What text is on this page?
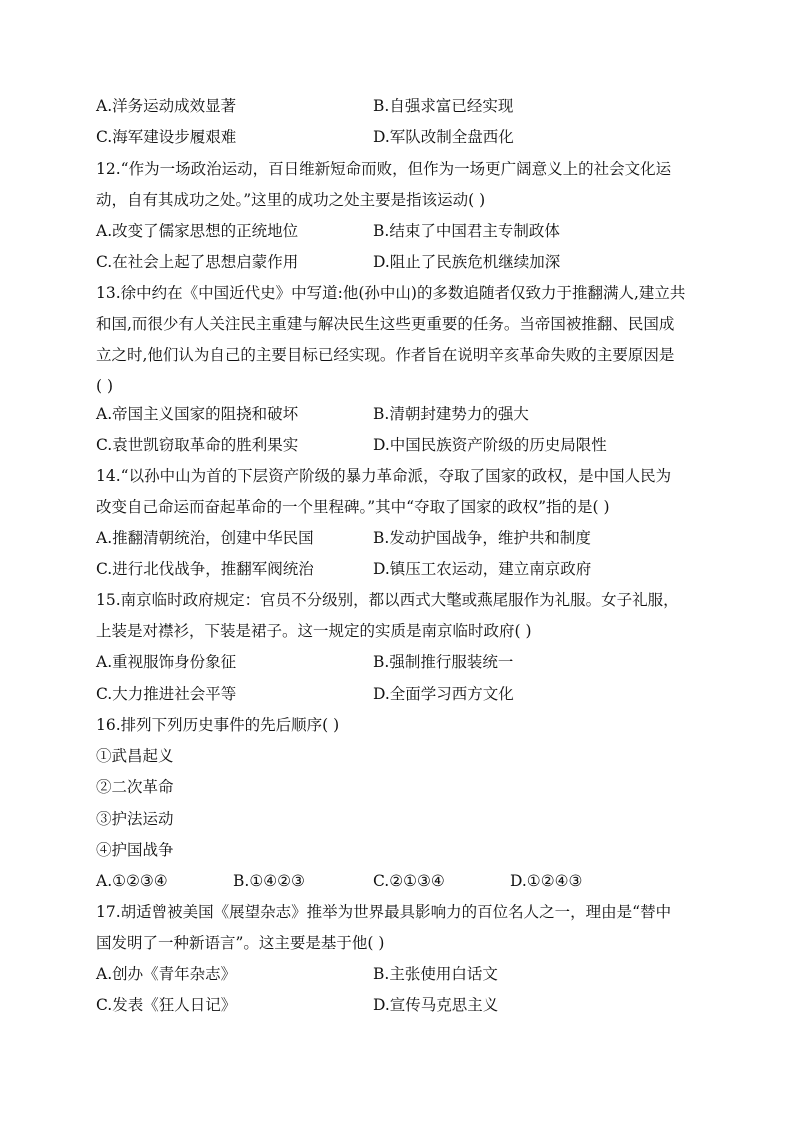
A.洋务运动成效显著	B.自强求富已经实现
C.海军建设步履艰难	D.军队改制全盘西化
12.“作为一场政治运动，百日维新短命而败，但作为一场更广阔意义上的社会文化运
动，自有其成功之处。”这里的成功之处主要是指该运动( )
A.改变了儒家思想的正统地位	B.结束了中国君主专制政体
C.在社会上起了思想启蒙作用	D.阻止了民族危机继续加深
13.徐中约在《中国近代史》中写道:他(孙中山)的多数追随者仅致力于推翻满人,建立共
和国,而很少有人关注民主重建与解决民生这些更重要的任务。当帝国被推翻、民国成
立之时,他们认为自己的主要目标已经实现。作者旨在说明辛亥革命失败的主要原因是
( )
A.帝国主义国家的阻挠和破坏	B.清朝封建势力的强大
C.袁世凯窃取革命的胜利果实	D.中国民族资产阶级的历史局限性
14.“以孙中山为首的下层资产阶级的暴力革命派，夺取了国家的政权，是中国人民为
改变自己命运而奋起革命的一个里程碑。”其中“夺取了国家的政权”指的是( )
A.推翻清朝统治，创建中华民国	B.发动护国战争，维护共和制度
C.进行北伐战争，推翻军阀统治	D.镇压工农运动，建立南京政府
15.南京临时政府规定：官员不分级别，都以西式大氅或燕尾服作为礼服。女子礼服，
上装是对襟衫，下装是裙子。这一规定的实质是南京临时政府( )
A.重视服饰身份象征	B.强制推行服装统一
C.大力推进社会平等	D.全面学习西方文化
16.排列下列历史事件的先后顺序( )
①武昌起义
②二次革命
③护法运动
④护国战争
A.①②③④	B.①④②③	C.②①③④	D.①②④③
17.胡适曾被美国《展望杂志》推举为世界最具影响力的百位名人之一，理由是“替中
国发明了一种新语言”。这主要是基于他( )
A.创办《青年杂志》	B.主张使用白话文
C.发表《狂人日记》	D.宣传马克思主义
